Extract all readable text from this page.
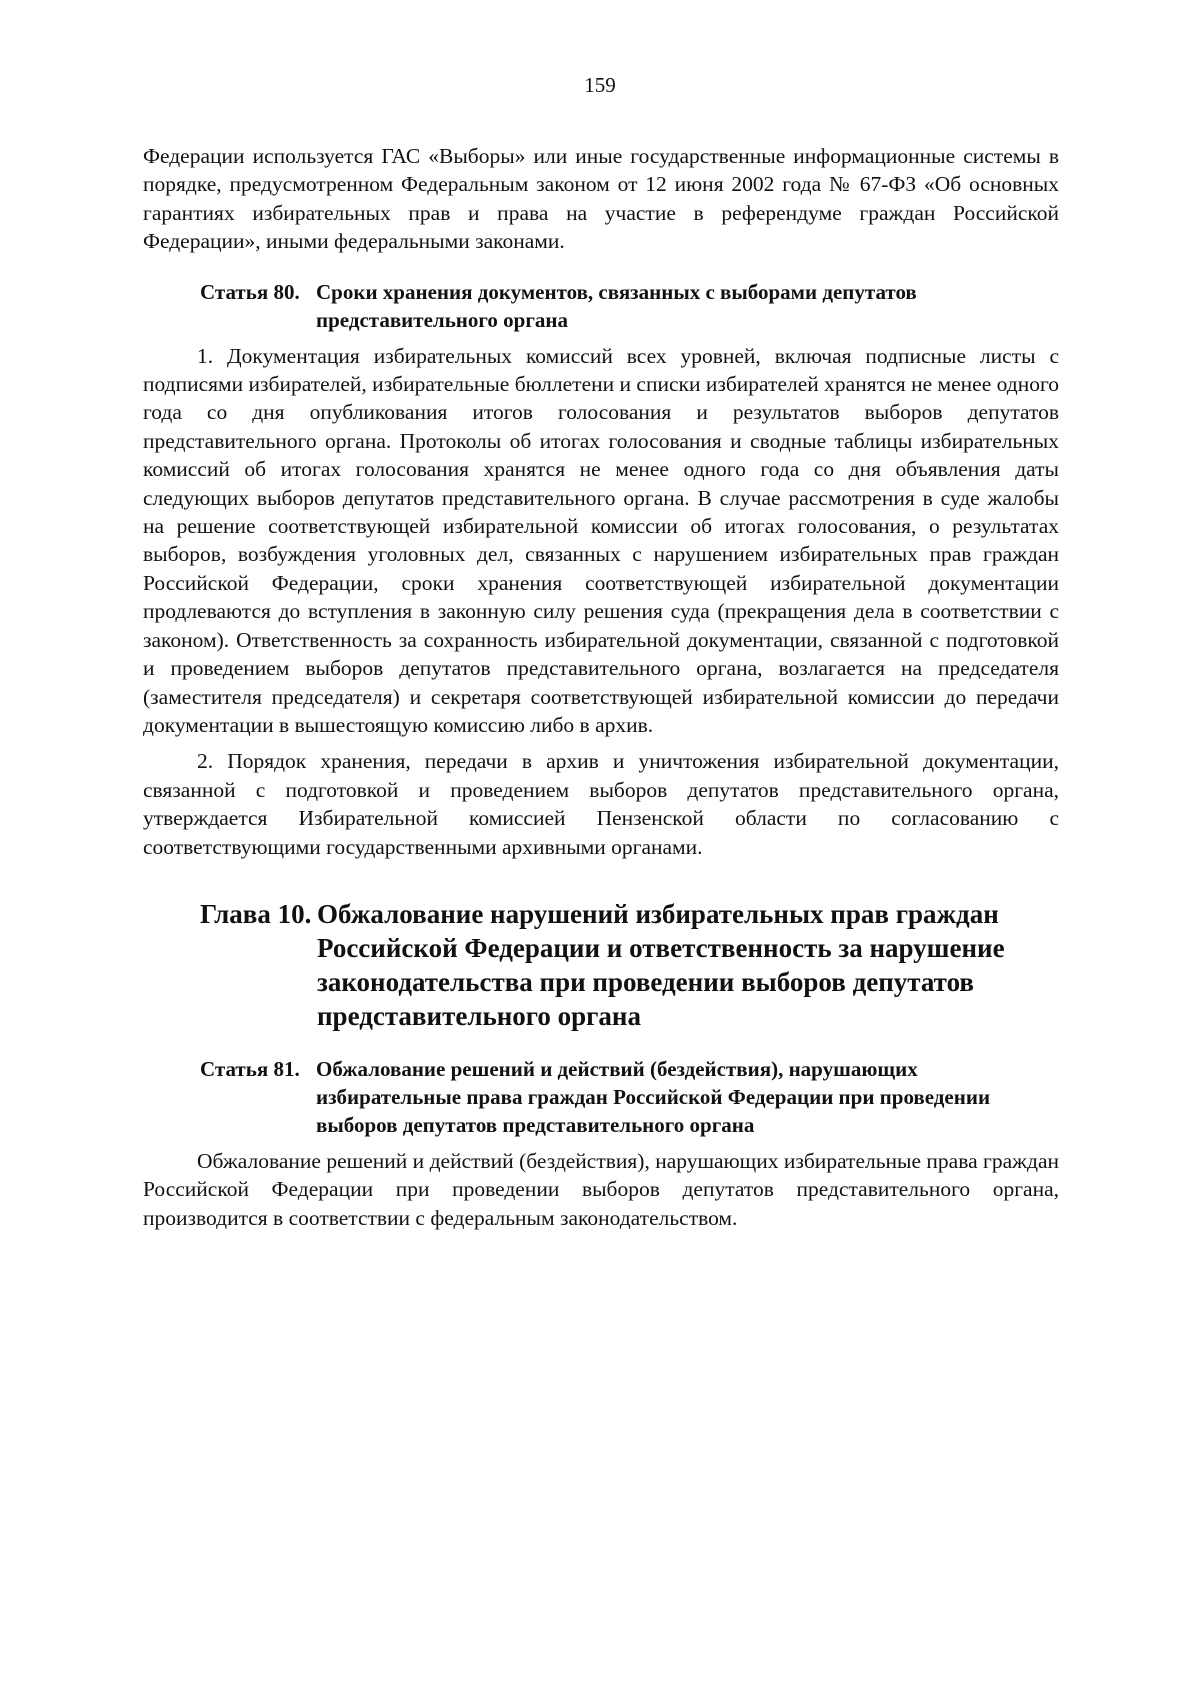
159

Федерации используется ГАС «Выборы» или иные государственные информационные системы в порядке, предусмотренном Федеральным законом от 12 июня 2002 года № 67-ФЗ «Об основных гарантиях избирательных прав и права на участие в референдуме граждан Российской Федерации», иными федеральными законами.

Статья 80. Сроки хранения документов, связанных с выборами депутатов представительного органа

1. Документация избирательных комиссий всех уровней, включая подписные листы с подписями избирателей, избирательные бюллетени и списки избирателей хранятся не менее одного года со дня опубликования итогов голосования и результатов выборов депутатов представительного органа. Протоколы об итогах голосования и сводные таблицы избирательных комиссий об итогах голосования хранятся не менее одного года со дня объявления даты следующих выборов депутатов представительного органа. В случае рассмотрения в суде жалобы на решение соответствующей избирательной комиссии об итогах голосования, о результатах выборов, возбуждения уголовных дел, связанных с нарушением избирательных прав граждан Российской Федерации, сроки хранения соответствующей избирательной документации продлеваются до вступления в законную силу решения суда (прекращения дела в соответствии с законом). Ответственность за сохранность избирательной документации, связанной с подготовкой и проведением выборов депутатов представительного органа, возлагается на председателя (заместителя председателя) и секретаря соответствующей избирательной комиссии до передачи документации в вышестоящую комиссию либо в архив.

2. Порядок хранения, передачи в архив и уничтожения избирательной документации, связанной с подготовкой и проведением выборов депутатов представительного органа, утверждается Избирательной комиссией Пензенской области по согласованию с соответствующими государственными архивными органами.

Глава 10. Обжалование нарушений избирательных прав граждан Российской Федерации и ответственность за нарушение законодательства при проведении выборов депутатов представительного органа
Статья 81. Обжалование решений и действий (бездействия), нарушающих избирательные права граждан Российской Федерации при проведении выборов депутатов представительного органа

Обжалование решений и действий (бездействия), нарушающих избирательные права граждан Российской Федерации при проведении выборов депутатов представительного органа, производится в соответствии с федеральным законодательством.
